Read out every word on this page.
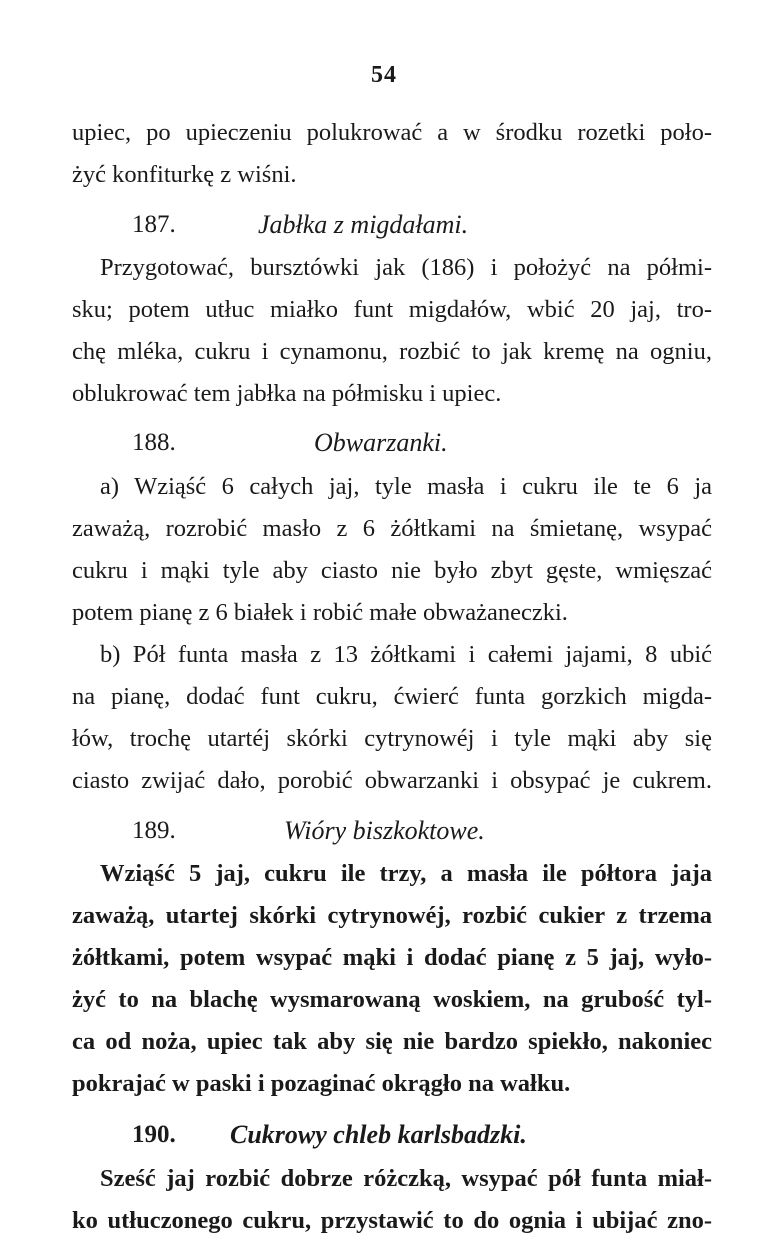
54
upiec, po upieczeniu polukrować a w środku rozetki poło-
żyć konfiturkę z wiśni.
187.	Jabłka z migdałami.
Przygotować, bursztówki jak (186) i położyć na półmi-
sku; potem utłuc miałko funt migdałów, wbić 20 jaj, tro-
chę mléka, cukru i cynamonu, rozbić to jak kremę na ogniu,
oblukrować tem jabłka na półmisku i upiec.
188.	Obwarzanki.
a) Wziąść 6 całych jaj, tyle masła i cukru ile te 6 ja
zaważą, rozrobić masło z 6 żółtkami na śmietanę, wsypać
cukru i mąki tyle aby ciasto nie było zbyt gęste, wmięszać
potem pianę z 6 białek i robić małe obważaneczki.
b) Pół funta masła z 13 żółtkami i całemi jajami, 8 ubić
na pianę, dodać funt cukru, ćwierć funta gorzkich migda-
łów, trochę utartéj skórki cytrynowéj i tyle mąki aby się
ciasto zwijać dało, porobić obwarzanki i obsypać je cukrem.
189.	Wióry biszkoktowe.
Wziąść 5 jaj, cukru ile trzy, a masła ile półtora jaja
zaważą, utartej skórki cytrynowéj, rozbić cukier z trzema
żółtkami, potem wsypać mąki i dodać pianę z 5 jaj, wyło-
żyć to na blachę wysmarowaną woskiem, na grubość tyl-
ca od noża, upiec tak aby się nie bardzo spiekło, nakoniec
pokrajać w paski i pozaginać okrągło na wałku.
190. Cukrowy chleb karlsbadzki.
Sześć jaj rozbić dobrze różczką, wsypać pół funta miał-
ko utłuczonego cukru, przystawić to do ognia i ubijać zno-
